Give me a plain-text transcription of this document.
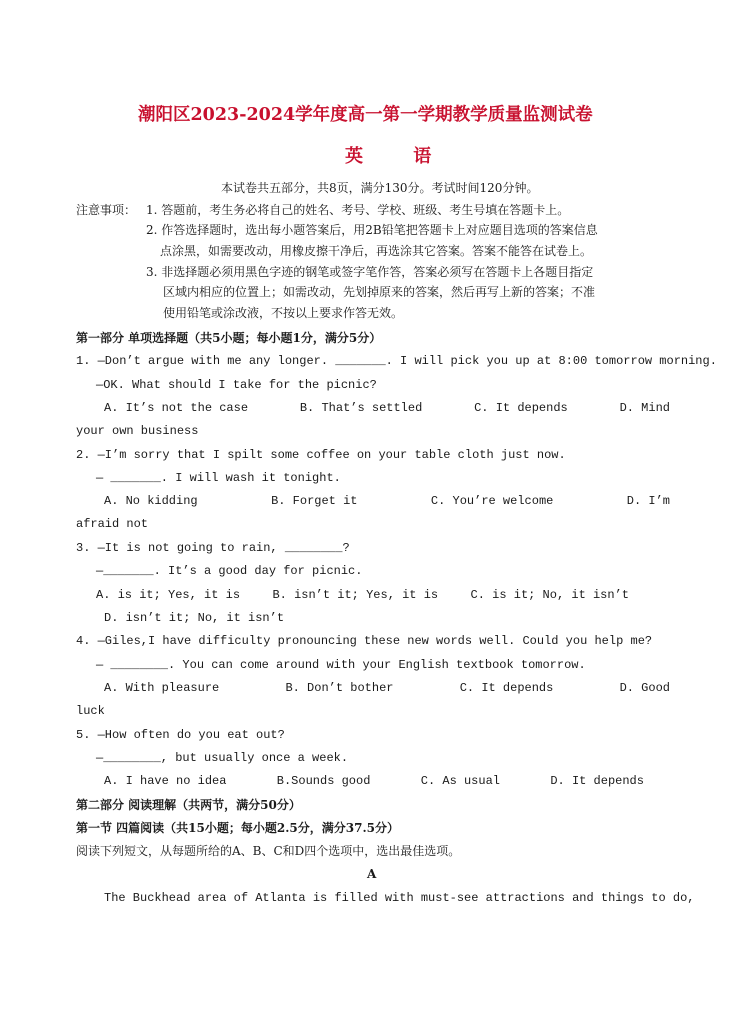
潮阳区2023-2024学年度高一第一学期教学质量监测试卷
英 语
本试卷共五部分，共8页，满分130分。考试时间120分钟。
注意事项： 1. 答题前，考生务必将自己的姓名、考号、学校、班级、考生号填在答题卡上。
2. 作答选择题时，选出每小题答案后，用2B铅笔把答题卡上对应题目选项的答案信息
点涂黑，如需要改动，用橡皮擦干净后，再选涂其它答案。答案不能答在试卷上。
3. 非选择题必须用黑色字迹的钢笔或签字笔作答，答案必须写在答题卡上各题目指定
区域内相应的位置上；如需改动，先划掉原来的答案，然后再写上新的答案；不准
使用铅笔或涂改液，不按以上要求作答无效。
第一部分 单项选择题（共5小题；每小题1分，满分5分）
1. —Don’t argue with me any longer. _______. I will pick you up at 8:00 tomorrow morning.
—OK. What should I take for the picnic?
A. It’s not the case	B. That’s settled	C. It depends	D. Mind
your own business
2. —I’m sorry that I spilt some coffee on your table cloth just now.
— _______. I will wash it tonight.
A. No kidding	B. Forget it	C. You’re welcome	D. I’m
afraid not
3. —It is not going to rain, ________?
—_______. It’s a good day for picnic.
A. is it; Yes, it is	B. isn’t it; Yes, it is	C. is it; No, it isn’t
D. isn’t it; No, it isn’t
4. —Giles,I have difficulty pronouncing these new words well. Could you help me?
— ________. You can come around with your English textbook tomorrow.
A. With pleasure	B. Don’t bother	C. It depends	D. Good
luck
5. —How often do you eat out?
—________, but usually once a week.
A. I have no idea	B.Sounds good	C. As usual	D. It depends
第二部分 阅读理解（共两节，满分50分）
第一节 四篇阅读（共15小题；每小题2.5分，满分37.5分）
阅读下列短文，从每题所给的A、B、C和D四个选项中，选出最佳选项。
A
The Buckhead area of Atlanta is filled with must-see attractions and things to do,
